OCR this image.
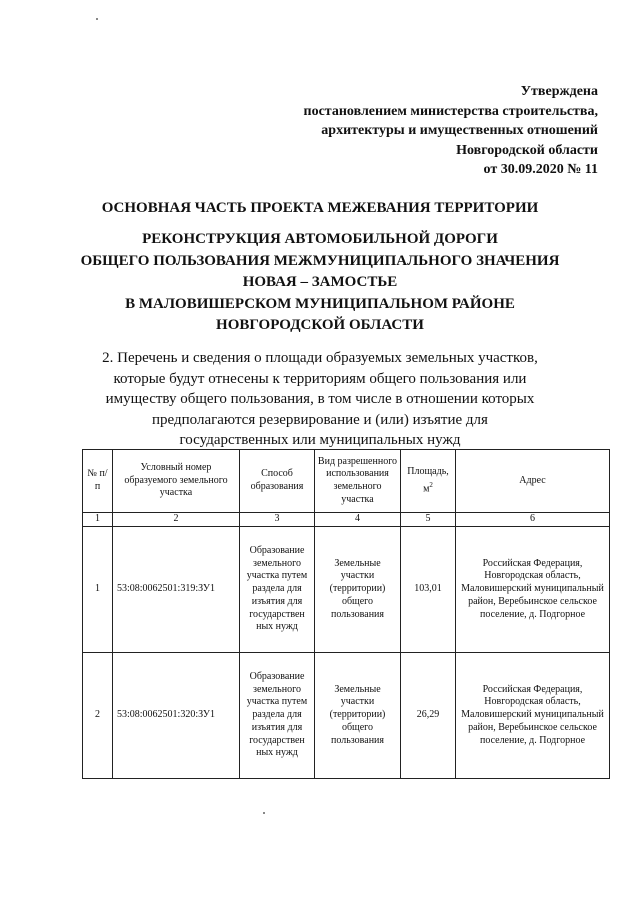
Утверждена
постановлением министерства строительства,
архитектуры и имущественных отношений
Новгородской области
от 30.09.2020 № 11
ОСНОВНАЯ ЧАСТЬ ПРОЕКТА МЕЖЕВАНИЯ ТЕРРИТОРИИ
РЕКОНСТРУКЦИЯ АВТОМОБИЛЬНОЙ ДОРОГИ
ОБЩЕГО ПОЛЬЗОВАНИЯ МЕЖМУНИЦИПАЛЬНОГО ЗНАЧЕНИЯ
НОВАЯ – ЗАМОСТЬЕ
В МАЛОВИШЕРСКОМ МУНИЦИПАЛЬНОМ РАЙОНЕ
НОВГОРОДСКОЙ ОБЛАСТИ
2. Перечень и сведения о площади образуемых земельных участков, которые будут отнесены к территориям общего пользования или имуществу общего пользования, в том числе в отношении которых предполагаются резервирование и (или) изъятие для государственных или муниципальных нужд
№ п/п	Условный номер образуемого земельного участка	Способ образования	Вид разрешенного использования земельного участка	Площадь, $м^2$	Адрес
1	2	3	4	5	6
1	53:08:0062501:319:ЗУ1	Образование земельного участка путем раздела для изъятия для государствен ных нужд	Земельные участки (территории) общего пользования	103,01	Российская Федерация, Новгородская область, Маловишерский муниципальный район, Веребьинское сельское поселение, д. Подгорное
2	53:08:0062501:320:ЗУ1	Образование земельного участка путем раздела для изъятия для государствен ных нужд	Земельные участки (территории) общего пользования	26,29	Российская Федерация, Новгородская область, Маловишерский муниципальный район, Веребьинское сельское поселение, д. Подгорное
